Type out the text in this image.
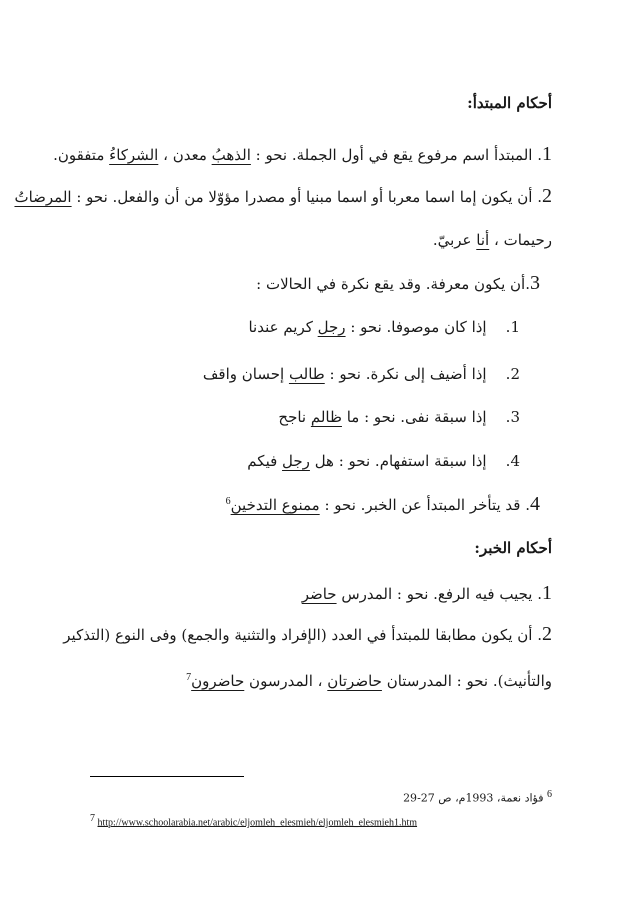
أحكام المبتدأ:
1. المبتدأ اسم مرفوع يقع في أول الجملة. نحو : الذهبُ معدن ، الشركاءُ متفقون.
2. أن يكون إما اسما معربا أو اسما مبنيا أو مصدرا مؤوّلا من أن والفعل. نحو : المرضاتُ
رحيمات ، أنا عربيّ.
3.أن يكون معرفة. وقد يقع نكرة في الحالات :
1.    إذا كان موصوفا. نحو : رجل كريم عندنا
2.    إذا أضيف إلى نكرة. نحو : طالب إحسان واقف
3.    إذا سبقة نفى. نحو : ما ظالم ناجح
4.    إذا سبقة استفهام. نحو : هل رجل فيكم
4. قد يتأخر المبتدأ عن الخبر. نحو : ممنوع التدخين$^6$
أحكام الخبر:
1. يجيب فيه الرفع. نحو : المدرس حاضر
2. أن يكون مطابقا للمبتدأ في العدد (الإفراد والتثنية والجمع) وفى النوع (التذكير
والتأنيث). نحو : المدرستان حاضرتان ، المدرسون حاضرون$^7$
$^6$ فؤاد نعمة، 1993م، ص 27-29
$^7$ http://www.schoolarabia.net/arabic/eljomleh_elesmieh/eljomleh_elesmieh1.htm
